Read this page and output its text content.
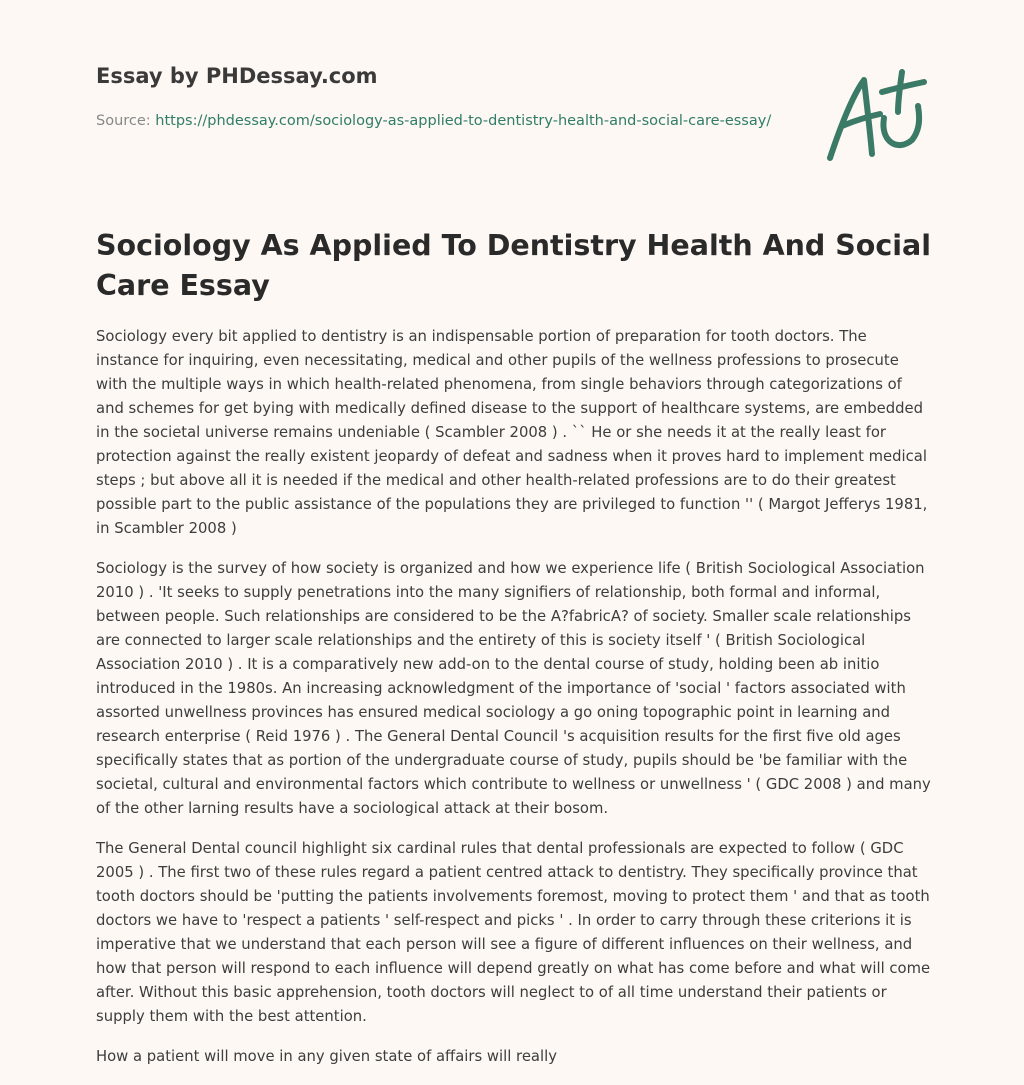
Essay by PHDessay.com
Source: https://phdessay.com/sociology-as-applied-to-dentistry-health-and-social-care-essay/
Sociology As Applied To Dentistry Health And Social Care Essay

Sociology every bit applied to dentistry is an indispensable portion of preparation for tooth doctors. The instance for inquiring, even necessitating, medical and other pupils of the wellness professions to prosecute with the multiple ways in which health-related phenomena, from single behaviors through categorizations of and schemes for get bying with medically defined disease to the support of healthcare systems, are embedded in the societal universe remains undeniable ( Scambler 2008 ) . `` He or she needs it at the really least for protection against the really existent jeopardy of defeat and sadness when it proves hard to implement medical steps ; but above all it is needed if the medical and other health-related professions are to do their greatest possible part to the public assistance of the populations they are privileged to function '' ( Margot Jefferys 1981, in Scambler 2008 )

Sociology is the survey of how society is organized and how we experience life ( British Sociological Association 2010 ) . 'It seeks to supply penetrations into the many signifiers of relationship, both formal and informal, between people. Such relationships are considered to be the A?fabricA? of society. Smaller scale relationships are connected to larger scale relationships and the entirety of this is society itself ' ( British Sociological Association 2010 ) . It is a comparatively new add-on to the dental course of study, holding been ab initio introduced in the 1980s. An increasing acknowledgment of the importance of 'social ' factors associated with assorted unwellness provinces has ensured medical sociology a go oning topographic point in learning and research enterprise ( Reid 1976 ) . The General Dental Council 's acquisition results for the first five old ages specifically states that as portion of the undergraduate course of study, pupils should be 'be familiar with the societal, cultural and environmental factors which contribute to wellness or unwellness ' ( GDC 2008 ) and many of the other larning results have a sociological attack at their bosom.

The General Dental council highlight six cardinal rules that dental professionals are expected to follow ( GDC 2005 ) . The first two of these rules regard a patient centred attack to dentistry. They specifically province that tooth doctors should be 'putting the patients involvements foremost, moving to protect them ' and that as tooth doctors we have to 'respect a patients ' self-respect and picks ' . In order to carry through these criterions it is imperative that we understand that each person will see a figure of different influences on their wellness, and how that person will respond to each influence will depend greatly on what has come before and what will come after. Without this basic apprehension, tooth doctors will neglect to of all time understand their patients or supply them with the best attention.

How a patient will move in any given state of affairs will really
